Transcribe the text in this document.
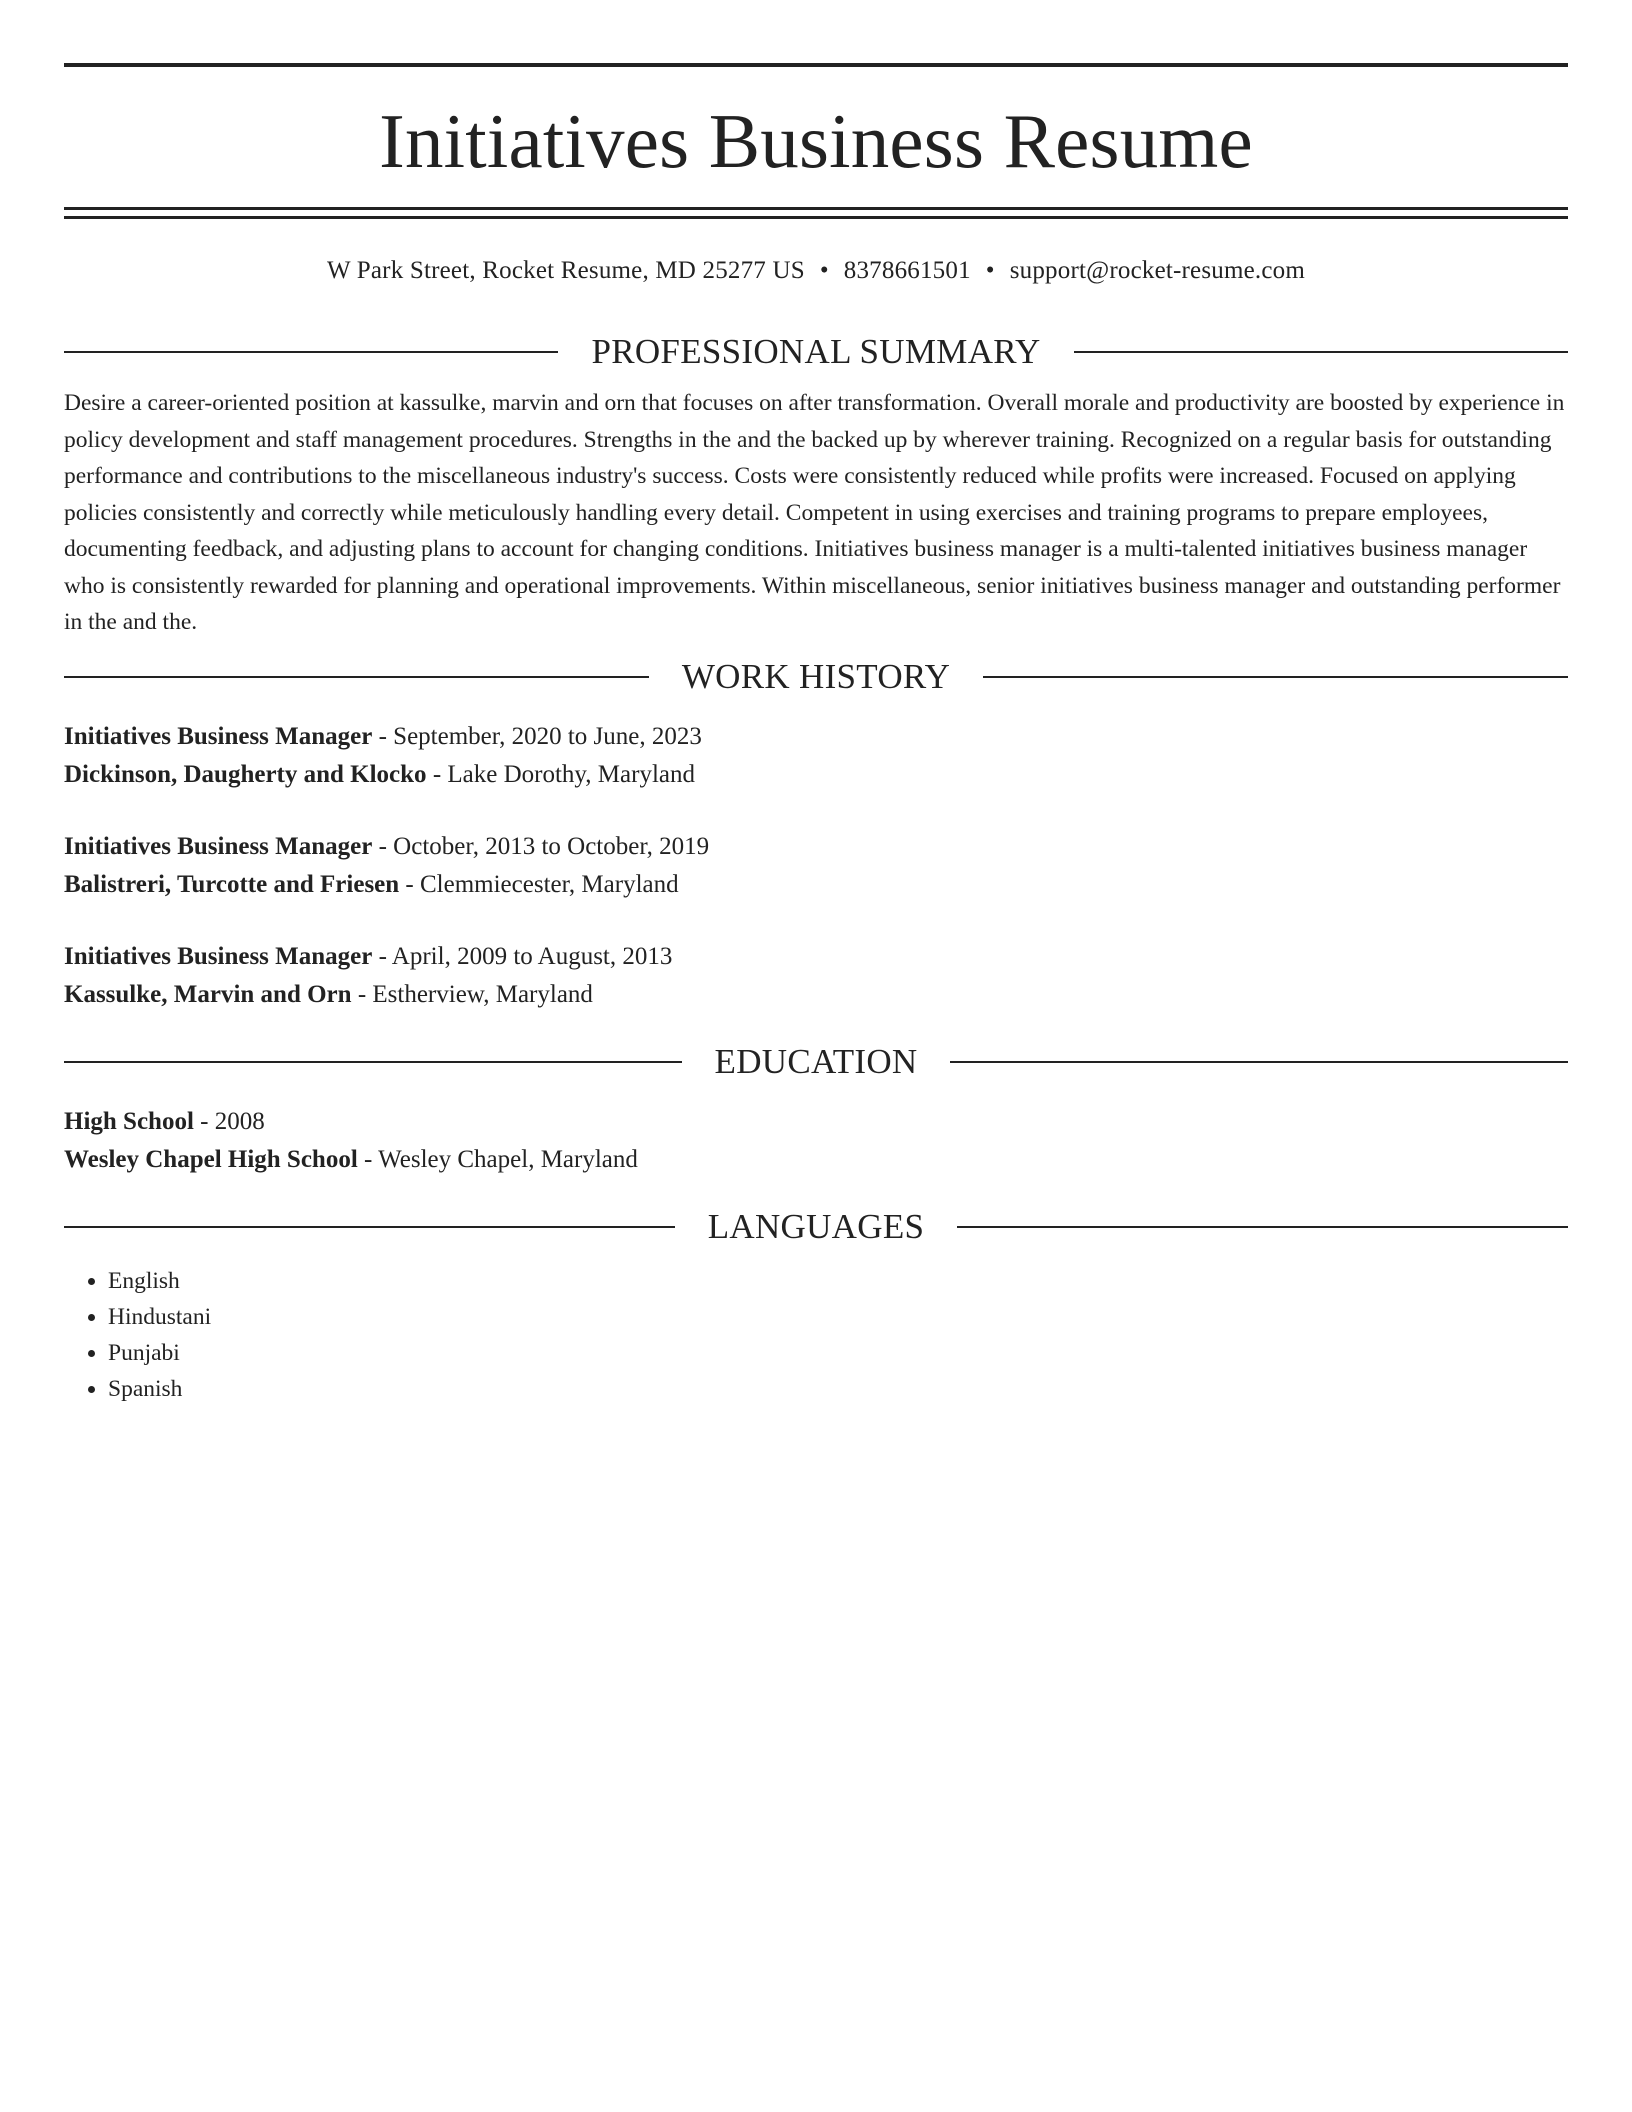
Initiatives Business Resume
W Park Street, Rocket Resume, MD 25277 US • 8378661501 • support@rocket-resume.com
PROFESSIONAL SUMMARY
Desire a career-oriented position at kassulke, marvin and orn that focuses on after transformation. Overall morale and productivity are boosted by experience in policy development and staff management procedures. Strengths in the and the backed up by wherever training. Recognized on a regular basis for outstanding performance and contributions to the miscellaneous industry's success. Costs were consistently reduced while profits were increased. Focused on applying policies consistently and correctly while meticulously handling every detail. Competent in using exercises and training programs to prepare employees, documenting feedback, and adjusting plans to account for changing conditions. Initiatives business manager is a multi-talented initiatives business manager who is consistently rewarded for planning and operational improvements. Within miscellaneous, senior initiatives business manager and outstanding performer in the and the.
WORK HISTORY
Initiatives Business Manager - September, 2020 to June, 2023
Dickinson, Daugherty and Klocko - Lake Dorothy, Maryland
Initiatives Business Manager - October, 2013 to October, 2019
Balistreri, Turcotte and Friesen - Clemmiecester, Maryland
Initiatives Business Manager - April, 2009 to August, 2013
Kassulke, Marvin and Orn - Estherview, Maryland
EDUCATION
High School - 2008
Wesley Chapel High School - Wesley Chapel, Maryland
LANGUAGES
• English
• Hindustani
• Punjabi
• Spanish
